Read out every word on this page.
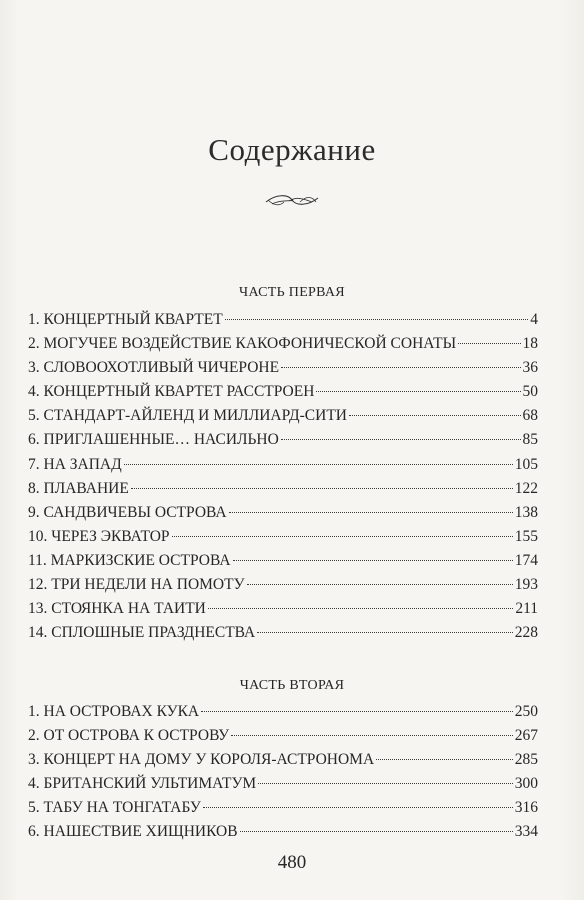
Содержание
ЧАСТЬ ПЕРВАЯ
1. КОНЦЕРТНЫЙ КВАРТЕТ	4
2. МОГУЧЕЕ ВОЗДЕЙСТВИЕ КАКОФОНИЧЕСКОЙ СОНАТЫ	18
3. СЛОВООХОТЛИВЫЙ ЧИЧЕРОНЕ	36
4. КОНЦЕРТНЫЙ КВАРТЕТ РАССТРОЕН	50
5. СТАНДАРТ-АЙЛЕНД И МИЛЛИАРД-СИТИ	68
6. ПРИГЛАШЕННЫЕ… НАСИЛЬНО	85
7. НА ЗАПАД	105
8. ПЛАВАНИЕ	122
9. САНДВИЧЕВЫ ОСТРОВА	138
10. ЧЕРЕЗ ЭКВАТОР	155
11. МАРКИЗСКИЕ ОСТРОВА	174
12. ТРИ НЕДЕЛИ НА ПОМОТУ	193
13. СТОЯНКА НА ТАИТИ	211
14. СПЛОШНЫЕ ПРАЗДНЕСТВА	228
ЧАСТЬ ВТОРАЯ
1. НА ОСТРОВАХ КУКА	250
2. ОТ ОСТРОВА К ОСТРОВУ	267
3. КОНЦЕРТ НА ДОМУ У КОРОЛЯ-АСТРОНОМА	285
4. БРИТАНСКИЙ УЛЬТИМАТУМ	300
5. ТАБУ НА ТОНГАТАБУ	316
6. НАШЕСТВИЕ ХИЩНИКОВ	334
480
